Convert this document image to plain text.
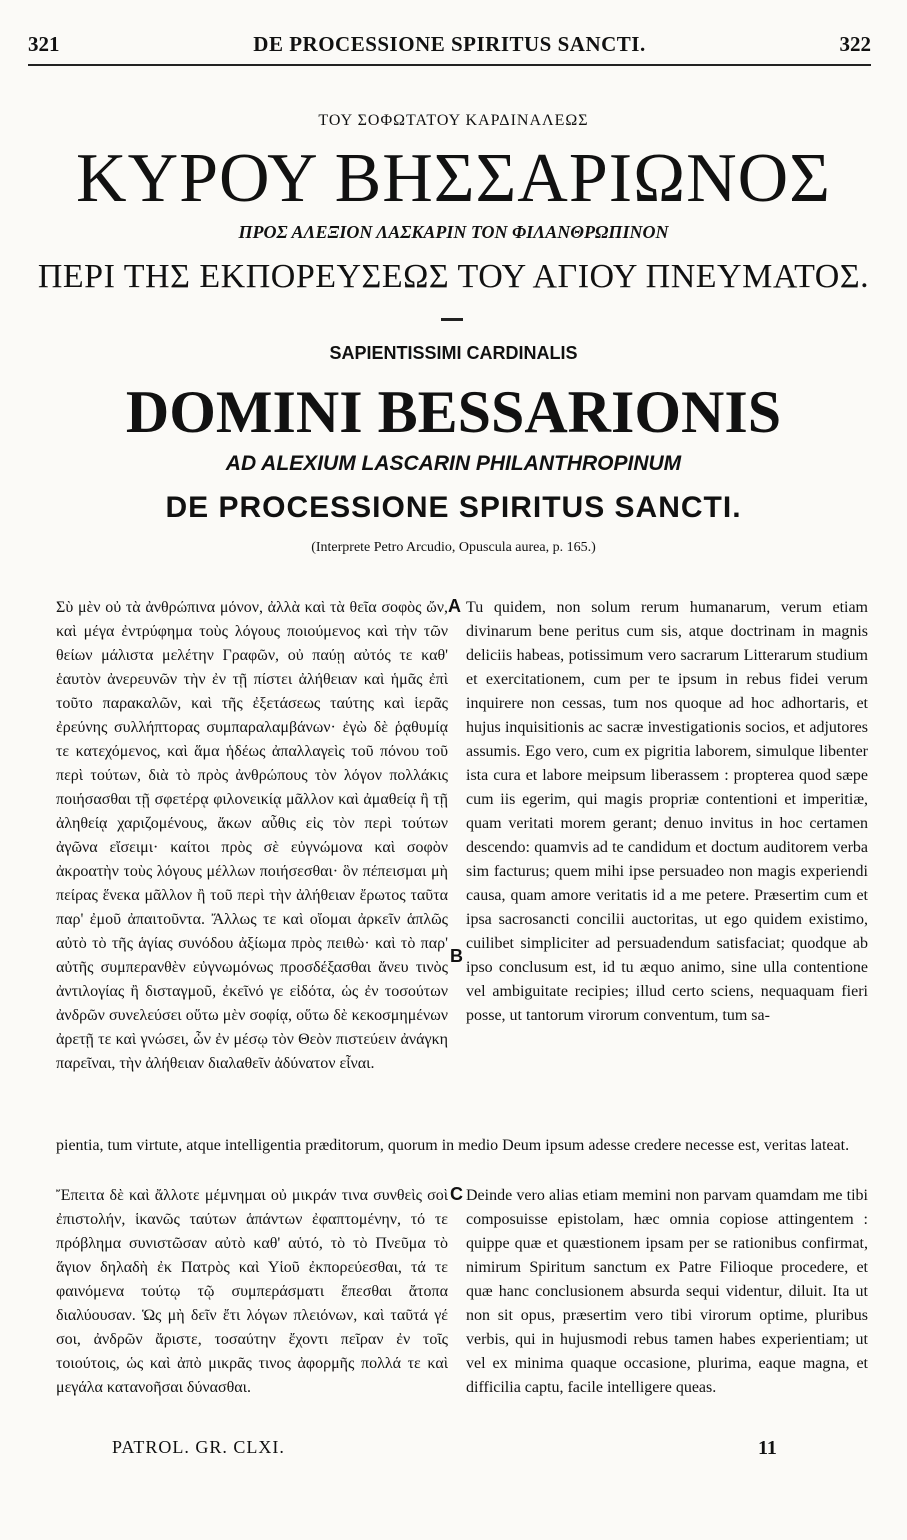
321	DE PROCESSIONE SPIRITUS SANCTI.	322
ΤΟΥ ΣΟΦΩΤΑΤΟΥ ΚΑΡΔΙΝΑΛΕΩΣ
ΚΥΡΟΥ ΒΗΣΣΑΡΙΩΝΟΣ
ΠΡΟΣ ΑΛΕΞΙΟΝ ΛΑΣΚΑΡΙΝ ΤΟΝ ΦΙΛΑΝΘΡΩΠΙΝΟΝ
ΠΕΡΙ ΤΗΣ ΕΚΠΟΡΕΥΣΕΩΣ ΤΟΥ ΑΓΙΟΥ ΠΝΕΥΜΑΤΟΣ.
SAPIENTISSIMI CARDINALIS
DOMINI BESSARIONIS
AD ALEXIUM LASCARIN PHILANTHROPINUM
DE PROCESSIONE SPIRITUS SANCTI.
(Interprete Petro Arcudio, Opuscula aurea, p. 165.)

Σὺ μὲν οὐ τὰ ἀνθρώπινα μόνον, ἀλλὰ καὶ τὰ θεῖα σοφὸς ὤν, καὶ μέγα ἐντρύφημα τοὺς λόγους ποιούμενος καὶ τὴν τῶν θείων μάλιστα μελέτην Γραφῶν, οὐ παύῃ αὐτός τε καθ' ἑαυτὸν ἀνερευνῶν τὴν ἐν τῇ πίστει ἀλήθειαν καὶ ἡμᾶς ἐπὶ τοῦτο παρακαλῶν, καὶ τῆς ἐξετάσεως ταύτης καὶ ἱερᾶς ἐρεύνης συλλήπτορας συμπαραλαμβάνων· ἐγὼ δὲ ῥᾳθυμίᾳ τε κατεχόμενος, καὶ ἅμα ἡδέως ἀπαλλαγεὶς τοῦ πόνου τοῦ περὶ τούτων, διὰ τὸ πρὸς ἀνθρώπους τὸν λόγον πολλάκις ποιήσασθαι τῇ σφετέρᾳ φιλονεικίᾳ μᾶλλον καὶ ἀμαθείᾳ ἢ τῇ ἀληθείᾳ χαριζομένους, ἄκων αὖθις εἰς τὸν περὶ τούτων ἀγῶνα εἴσειμι· καίτοι πρὸς σὲ εὐγνώμονα καὶ σοφὸν ἀκροατὴν τοὺς λόγους μέλλων ποιήσεσθαι· ὃν πέπεισμαι μὴ πείρας ἕνεκα μᾶλλον ἢ τοῦ περὶ τὴν ἀλήθειαν ἔρωτος ταῦτα παρ' ἐμοῦ ἀπαιτοῦντα. Ἄλλως τε καὶ οἴομαι ἀρκεῖν ἁπλῶς αὐτὸ τὸ τῆς ἁγίας συνόδου ἀξίωμα πρὸς πειθὼ· καὶ τὸ παρ' αὐτῆς συμπερανθὲν εὐγνωμόνως προσδέξασθαι ἄνευ τινὸς ἀντιλογίας ἢ δισταγμοῦ, ἐκεῖνό γε εἰδότα, ὡς ἐν τοσούτων ἀνδρῶν συνελεύσει οὕτω μὲν σοφίᾳ, οὕτω δὲ κεκοσμημένων ἀρετῇ τε καὶ γνώσει, ὧν ἐν μέσῳ τὸν Θεὸν πιστεύειν ἀνάγκη παρεῖναι, τὴν ἀλήθειαν διαλαθεῖν ἀδύνατον εἶναι.

Tu quidem, non solum rerum humanarum, verum etiam divinarum bene peritus cum sis, atque doctrinam in magnis deliciis habeas, potissimum vero sacrarum Litterarum studium et exercitationem, cum per te ipsum in rebus fidei verum inquirere non cessas, tum nos quoque ad hoc adhortaris, et hujus inquisitionis ac sacræ investigationis socios, et adjutores assumis. Ego vero, cum ex pigritia laborem, simulque libenter ista cura et labore meipsum liberassem : propterea quod sæpe cum iis egerim, qui magis propriæ contentioni et imperitiæ, quam veritati morem gerant; denuo invitus in hoc certamen descendo: quamvis ad te candidum et doctum auditorem verba sim facturus; quem mihi ipse persuadeo non magis experiendi causa, quam amore veritatis id a me petere. Præsertim cum et ipsa sacrosancti concilii auctoritas, ut ego quidem existimo, cuilibet simpliciter ad persuadendum satisfaciat; quodque ab ipso conclusum est, id tu æquo animo, sine ulla contentione vel ambiguitate recipies; illud certo sciens, nequaquam fieri posse, ut tantorum virorum conventum, tum sa-

A
B

pientia, tum virtute, atque intelligentia præditorum, quorum in medio Deum ipsum adesse credere necesse est, veritas lateat.

Ἔπειτα δὲ καὶ ἄλλοτε μέμνημαι οὐ μικράν τινα συνθεὶς σοὶ ἐπιστολήν, ἱκανῶς ταύτων ἁπάντων ἐφαπτομένην, τό τε πρόβλημα συνιστῶσαν αὐτὸ καθ' αὑτό, τὸ τὸ Πνεῦμα τὸ ἅγιον δηλαδὴ ἐκ Πατρὸς καὶ Υἱοῦ ἐκπορεύεσθαι, τά τε φαινόμενα τούτῳ τῷ συμπεράσματι ἕπεσθαι ἄτοπα διαλύουσαν. Ὡς μὴ δεῖν ἔτι λόγων πλειόνων, καὶ ταῦτά γέ σοι, ἀνδρῶν ἄριστε, τοσαύτην ἔχοντι πεῖραν ἐν τοῖς τοιούτοις, ὡς καὶ ἀπὸ μικρᾶς τινος ἀφορμῆς πολλά τε καὶ μεγάλα κατανοῆσαι δύνασθαι.

Deinde vero alias etiam memini non parvam quamdam me tibi composuisse epistolam, hæc omnia copiose attingentem : quippe quæ et quæstionem ipsam per se rationibus confirmat, nimirum Spiritum sanctum ex Patre Filioque procedere, et quæ hanc conclusionem absurda sequi videntur, diluit. Ita ut non sit opus, præsertim vero tibi virorum optime, pluribus verbis, qui in hujusmodi rebus tamen habes experientiam; ut vel ex minima quaque occasione, plurima, eaque magna, et difficilia captu, facile intelligere queas.

C
PATROL. GR. CLXI.	11
